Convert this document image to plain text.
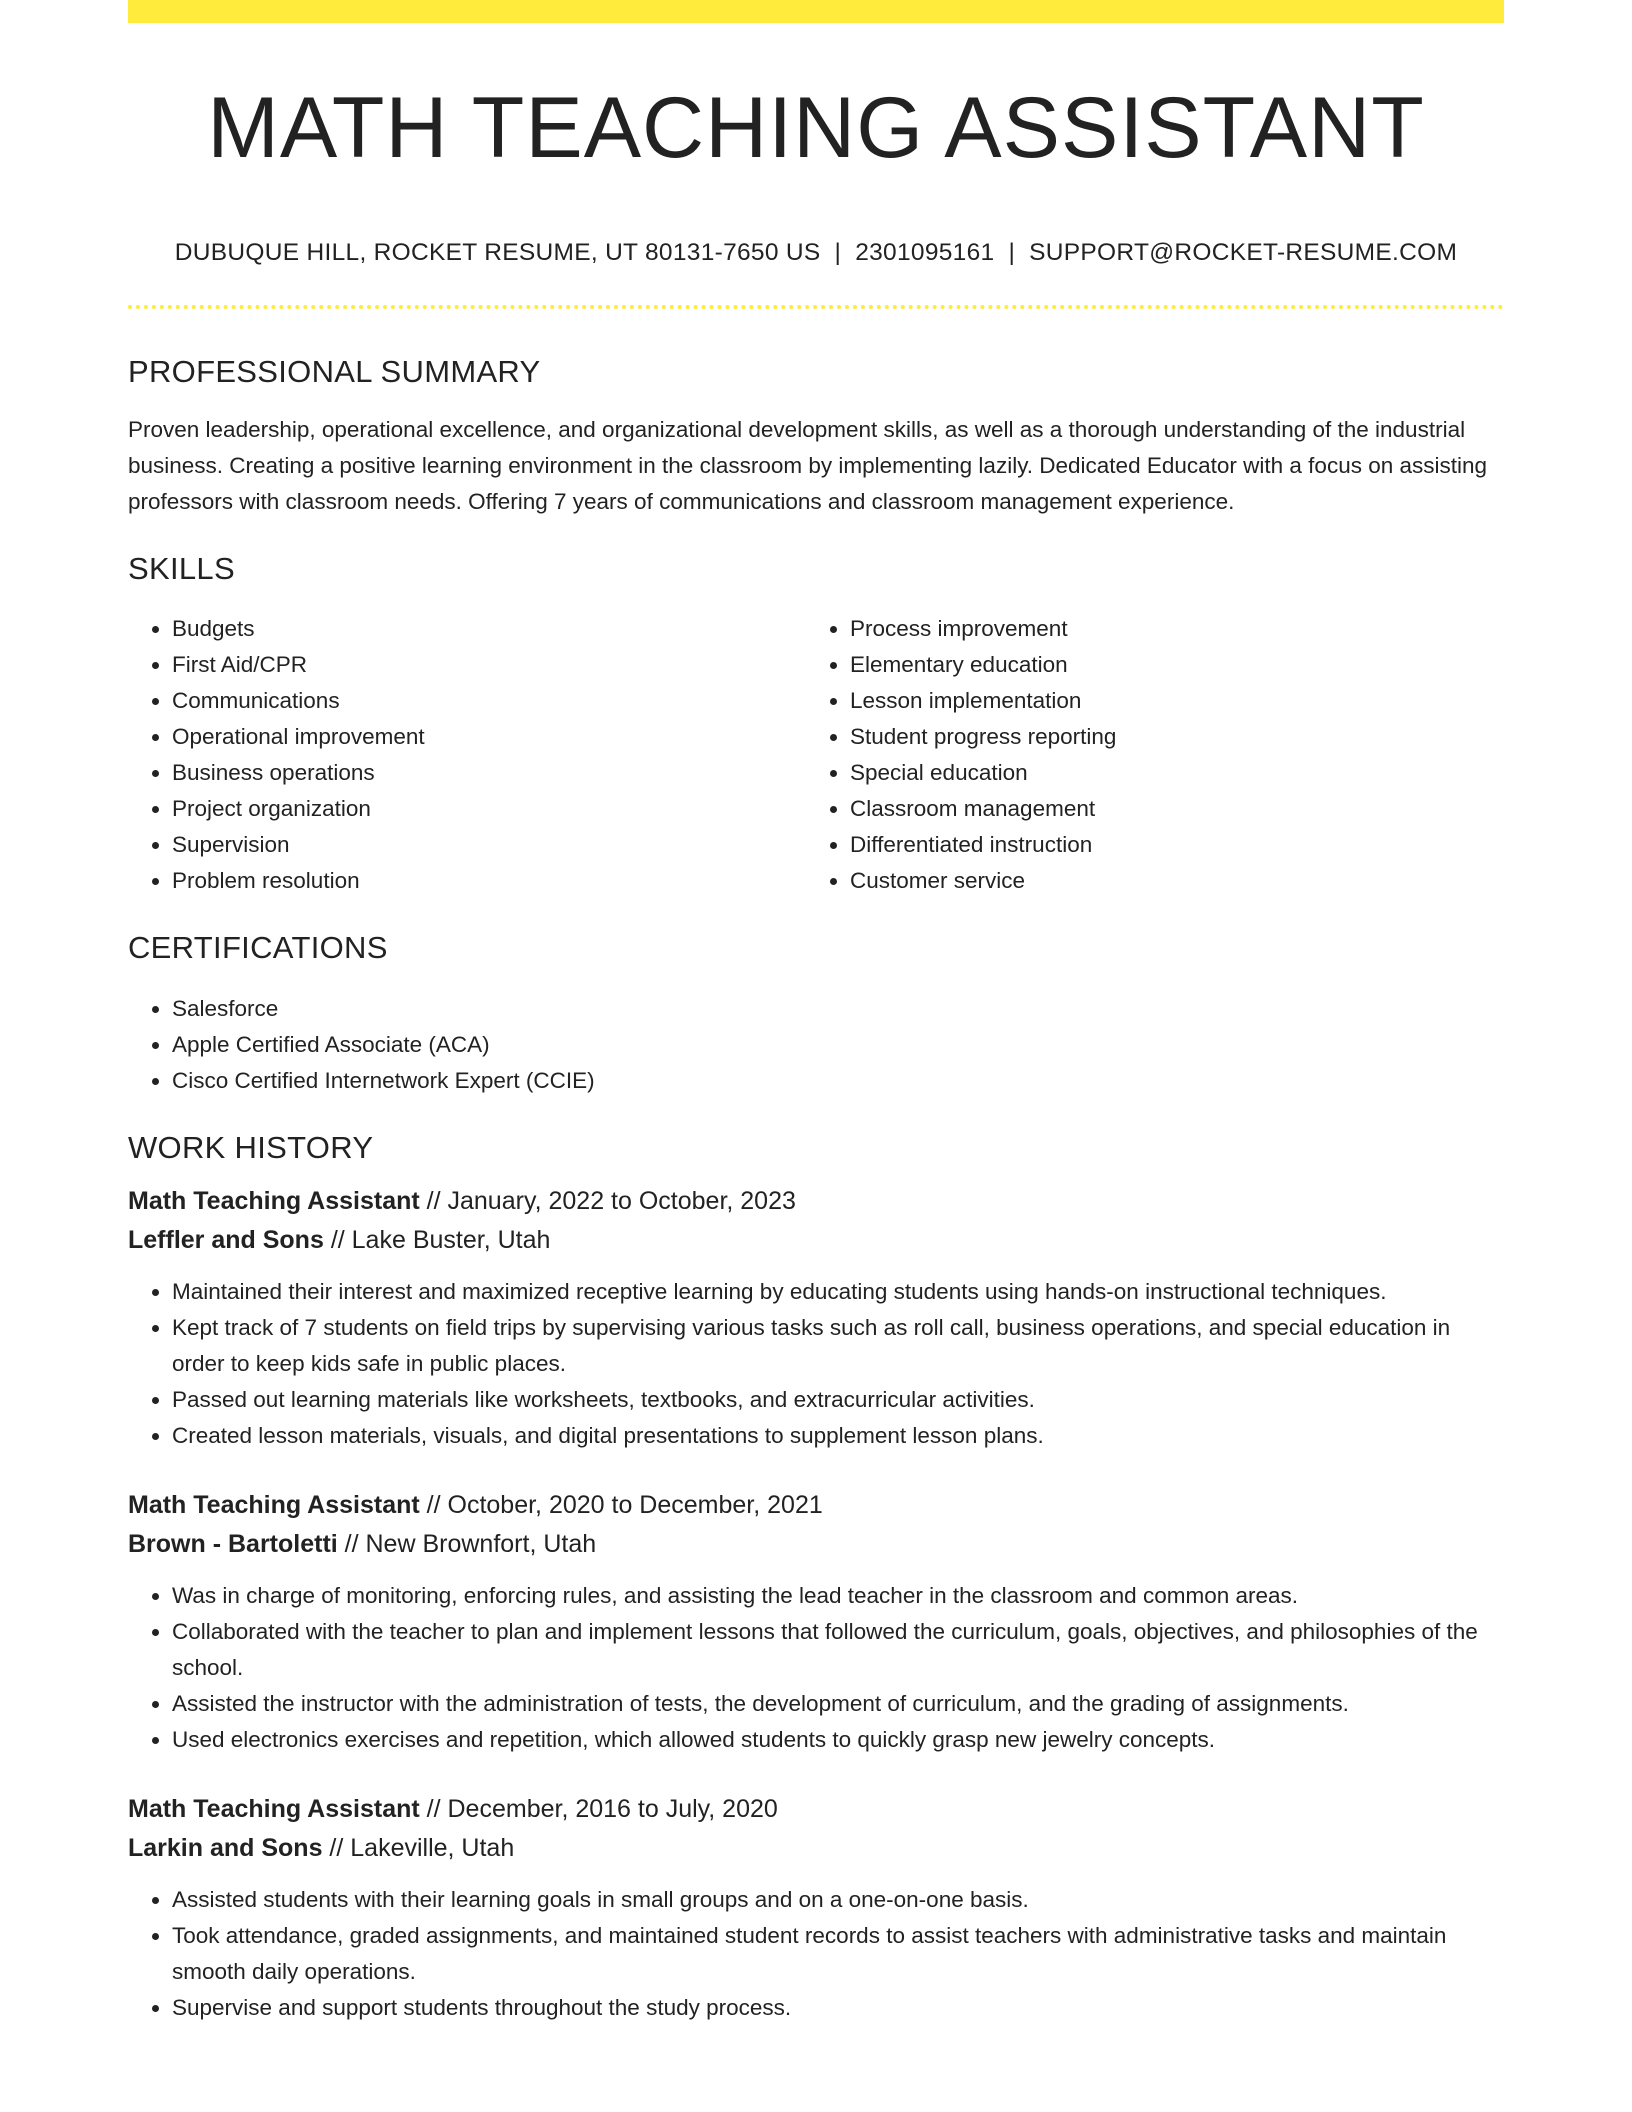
MATH TEACHING ASSISTANT
DUBUQUE HILL, ROCKET RESUME, UT 80131-7650 US | 2301095161 | SUPPORT@ROCKET-RESUME.COM
PROFESSIONAL SUMMARY
Proven leadership, operational excellence, and organizational development skills, as well as a thorough understanding of the industrial business. Creating a positive learning environment in the classroom by implementing lazily. Dedicated Educator with a focus on assisting professors with classroom needs. Offering 7 years of communications and classroom management experience.
SKILLS
• Budgets
• First Aid/CPR
• Communications
• Operational improvement
• Business operations
• Project organization
• Supervision
• Problem resolution
• Process improvement
• Elementary education
• Lesson implementation
• Student progress reporting
• Special education
• Classroom management
• Differentiated instruction
• Customer service
CERTIFICATIONS
• Salesforce
• Apple Certified Associate (ACA)
• Cisco Certified Internetwork Expert (CCIE)
WORK HISTORY
Math Teaching Assistant // January, 2022 to October, 2023
Leffler and Sons // Lake Buster, Utah
• Maintained their interest and maximized receptive learning by educating students using hands-on instructional techniques.
• Kept track of 7 students on field trips by supervising various tasks such as roll call, business operations, and special education in order to keep kids safe in public places.
• Passed out learning materials like worksheets, textbooks, and extracurricular activities.
• Created lesson materials, visuals, and digital presentations to supplement lesson plans.
Math Teaching Assistant // October, 2020 to December, 2021
Brown - Bartoletti // New Brownfort, Utah
• Was in charge of monitoring, enforcing rules, and assisting the lead teacher in the classroom and common areas.
• Collaborated with the teacher to plan and implement lessons that followed the curriculum, goals, objectives, and philosophies of the school.
• Assisted the instructor with the administration of tests, the development of curriculum, and the grading of assignments.
• Used electronics exercises and repetition, which allowed students to quickly grasp new jewelry concepts.
Math Teaching Assistant // December, 2016 to July, 2020
Larkin and Sons // Lakeville, Utah
• Assisted students with their learning goals in small groups and on a one-on-one basis.
• Took attendance, graded assignments, and maintained student records to assist teachers with administrative tasks and maintain smooth daily operations.
• Supervise and support students throughout the study process.
